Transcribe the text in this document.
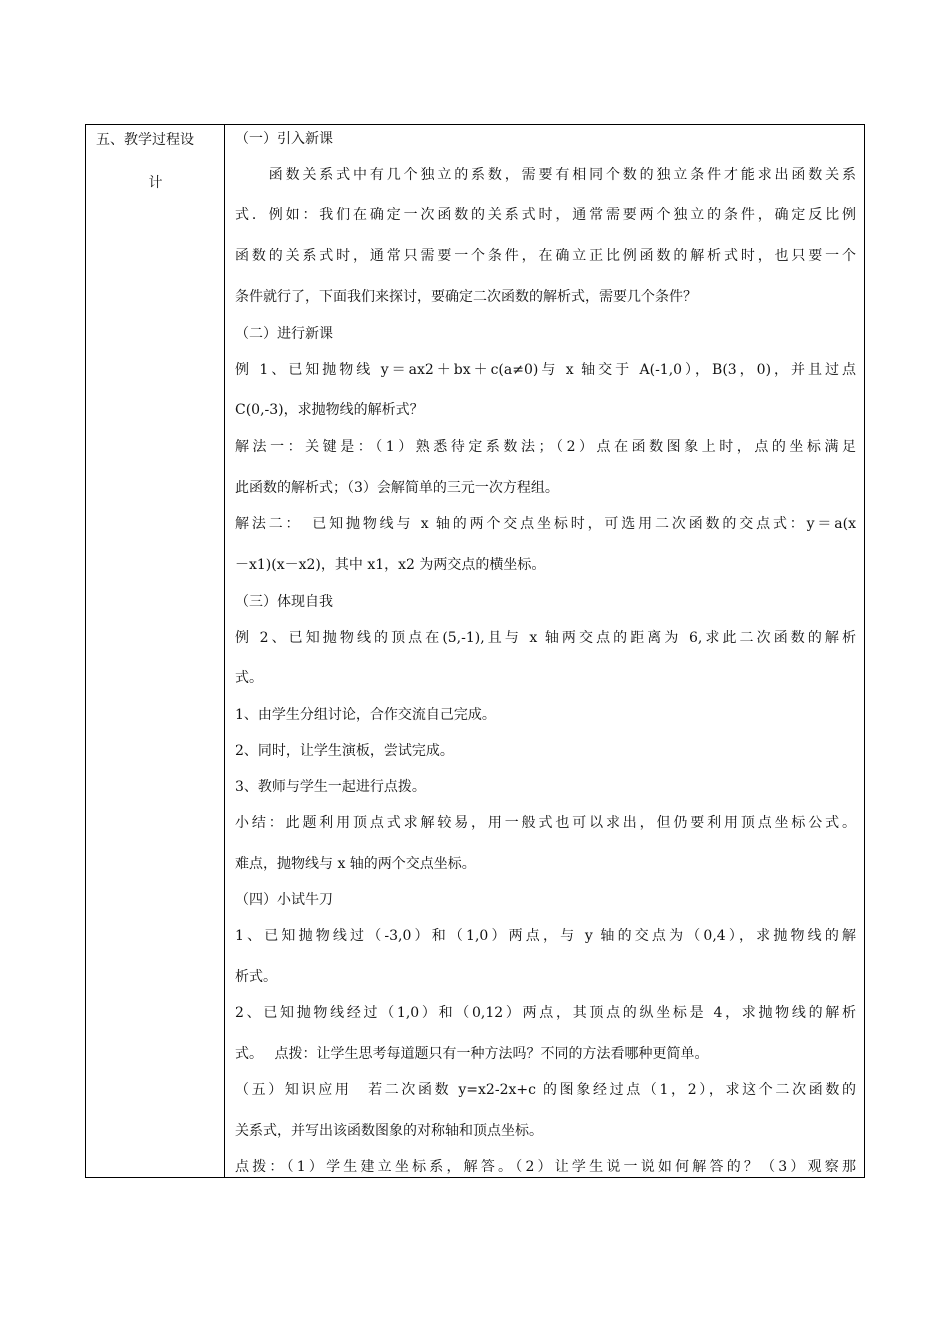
五、教学过程设
计
（一）引入新课
　　函数关系式中有几个独立的系数，需要有相同个数的独立条件才能求出函数关系
式．例如：我们在确定一次函数的关系式时，通常需要两个独立的条件，确定反比例
函数的关系式时，通常只需要一个条件，在确立正比例函数的解析式时，也只要一个
条件就行了，下面我们来探讨，要确定二次函数的解析式，需要几个条件？
（二）进行新课
例 1、已知抛物线 y＝ax2＋bx＋c(a≠0)与 x 轴交于 A(-1,0），B(3，0)，并且过点
C(0,-3)，求抛物线的解析式？
解法一：关键是：（1）熟悉待定系数法；（2）点在函数图象上时，点的坐标满足
此函数的解析式；（3）会解简单的三元一次方程组。
解法二：　已知抛物线与 x 轴的两个交点坐标时，可选用二次函数的交点式：y＝a(x
－x1)(x－x2)，其中 x1，x2 为两交点的横坐标。
（三）体现自我
例 2、已知抛物线的顶点在(5,-1),且与 x 轴两交点的距离为 6,求此二次函数的解析
式。
1、由学生分组讨论，合作交流自己完成。
2、同时，让学生演板，尝试完成。
3、教师与学生一起进行点拨。
小结：此题利用顶点式求解较易，用一般式也可以求出，但仍要利用顶点坐标公式。
难点，抛物线与 x 轴的两个交点坐标。
（四）小试牛刀
1、已知抛物线过（-3,0）和（1,0）两点，与 y 轴的交点为（0,4），求抛物线的解
析式。
2、已知抛物线经过（1,0）和（0,12）两点，其顶点的纵坐标是 4，求抛物线的解析
式。　 点拨：让学生思考每道题只有一种方法吗？不同的方法看哪种更简单。
（五）知识应用　若二次函数 y=x2-2x+c 的图象经过点（1，2），求这个二次函数的
关系式，并写出该函数图象的对称轴和顶点坐标。
点拨：（1）学生建立坐标系，解答。（2）让学生说一说如何解答的？（3）观察那
